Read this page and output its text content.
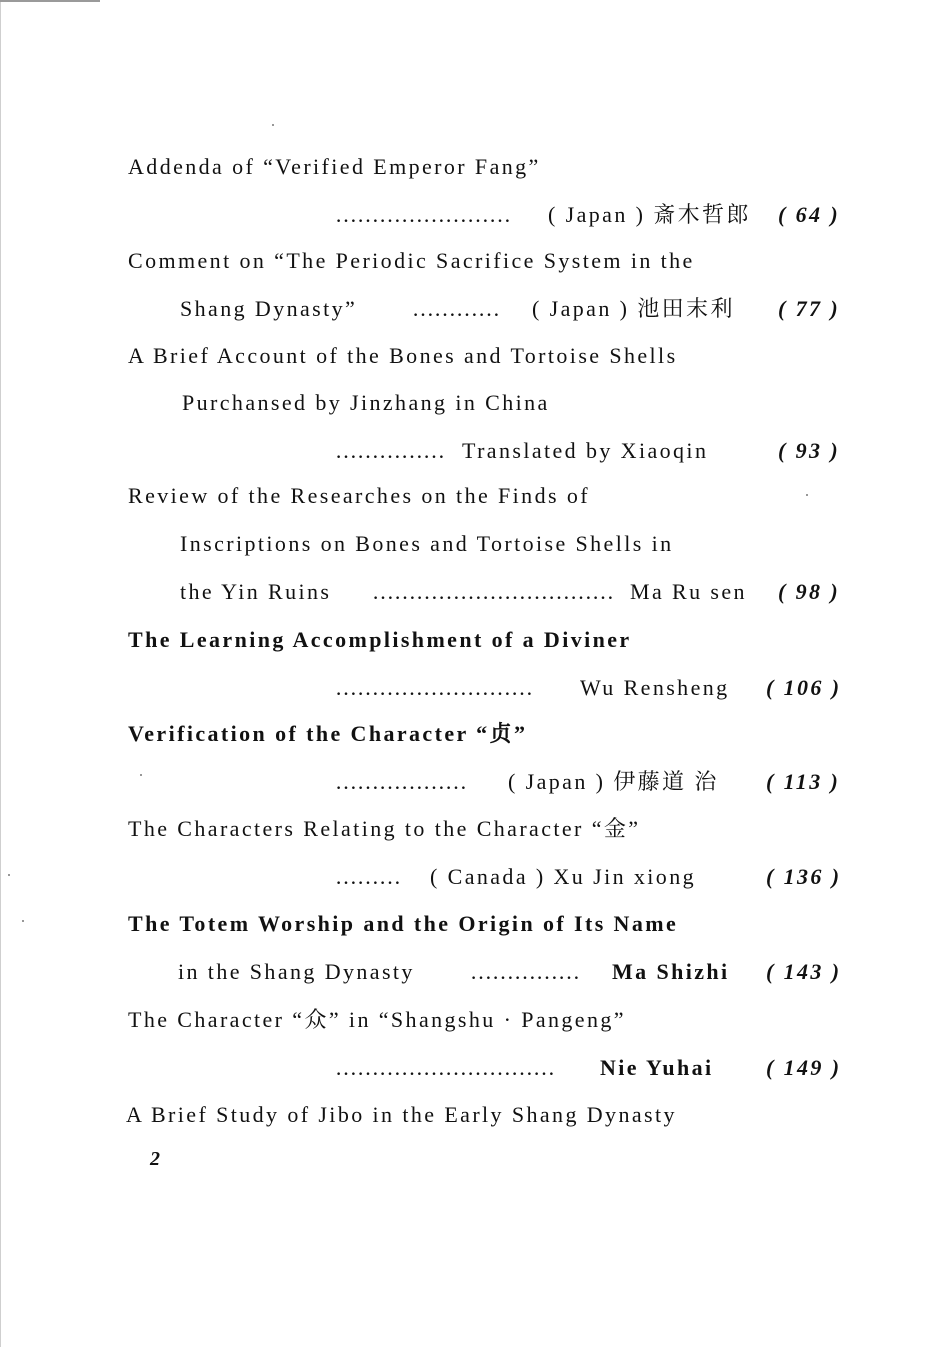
Addenda of “Verified Emperor Fang”
…………………… ( Japan ) 斎木哲郎 ( 64 )
Comment on “The Periodic Sacrifice System in the
Shang Dynasty” ………… ( Japan ) 池田末利 ( 77 )
A Brief Account of the Bones and Tortoise Shells
Purchansed by Jinzhang in China
…………… Translated by Xiaoqin	( 93 )
Review of the Researches on the Finds of
Inscriptions on Bones and Tortoise Shells in
the Yin Ruins …………………………… Ma Ru sen ( 98 )
The Learning Accomplishment of a Diviner
……………………… Wu Rensheng ( 106 )
Verification of the Character “贞”
……………… ( Japan ) 伊藤道 治 ( 113 )
The Characters Relating to the Character “金”
……… ( Canada ) Xu Jin xiong	( 136 )
The Totem Worship and the Origin of Its Name
in the Shang Dynasty	…………… Ma Shizhi ( 143 )
The Character “众” in “Shangshu · Pangeng”
………………………… Nie Yuhai ( 149 )
A Brief Study of Jibo in the Early Shang Dynasty
2
